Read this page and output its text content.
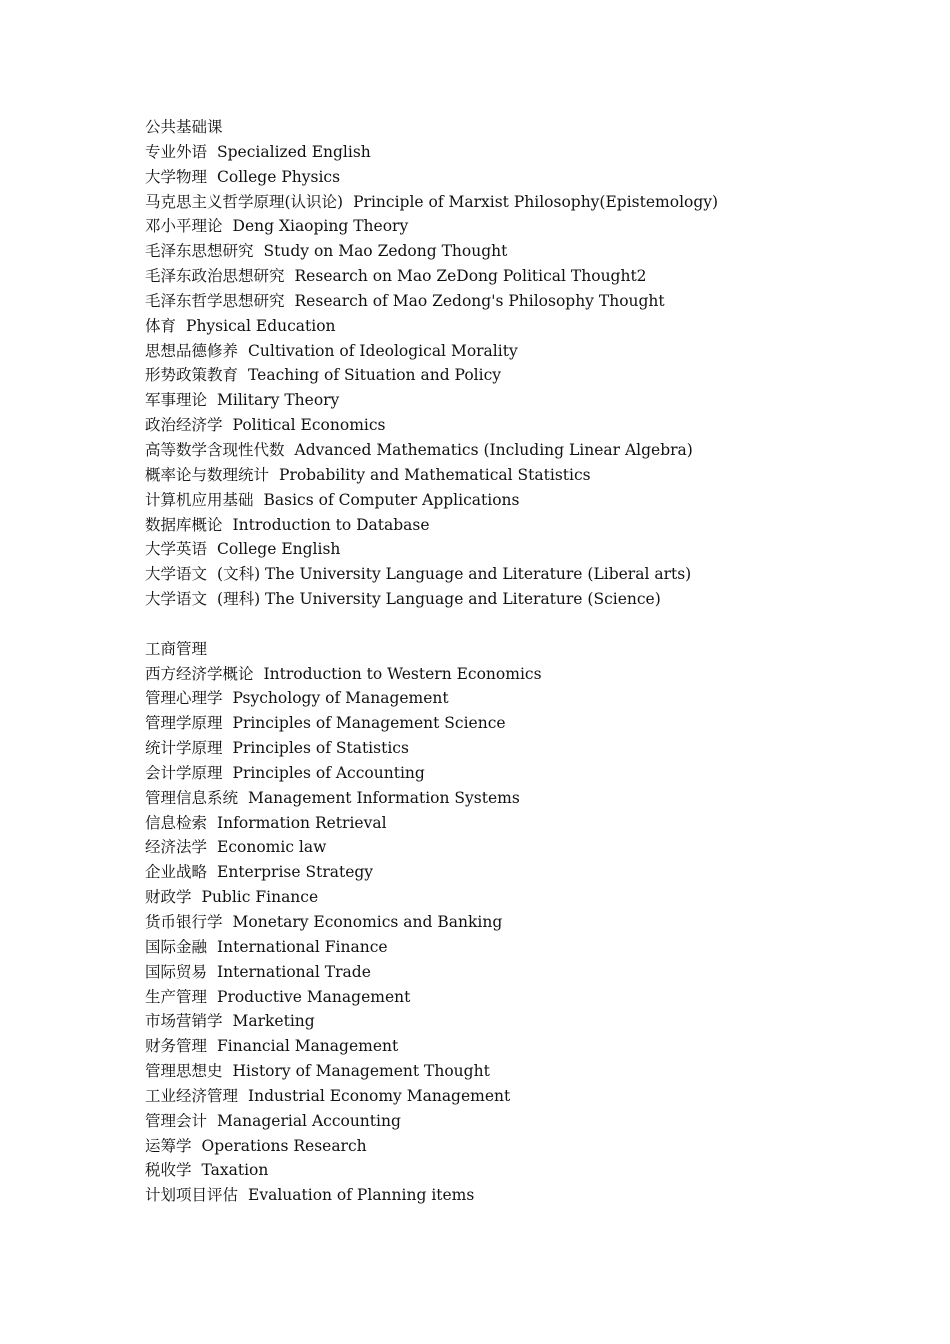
公共基础课
专业外语 Specialized English
大学物理 College Physics
马克思主义哲学原理(认识论) Principle of Marxist Philosophy(Epistemology)
邓小平理论 Deng Xiaoping Theory
毛泽东思想研究 Study on Mao Zedong Thought
毛泽东政治思想研究 Research on Mao ZeDong Political Thought2
毛泽东哲学思想研究 Research of Mao Zedong's Philosophy Thought
体育 Physical Education
思想品德修养 Cultivation of Ideological Morality
形势政策教育 Teaching of Situation and Policy
军事理论 Military Theory
政治经济学 Political Economics
高等数学含现性代数 Advanced Mathematics (Including Linear Algebra)
概率论与数理统计 Probability and Mathematical Statistics
计算机应用基础 Basics of Computer Applications
数据库概论 Introduction to Database
大学英语 College English
大学语文 (文科) The University Language and Literature (Liberal arts)
大学语文 (理科) The University Language and Literature (Science)
工商管理
西方经济学概论 Introduction to Western Economics
管理心理学 Psychology of Management
管理学原理 Principles of Management Science
统计学原理 Principles of Statistics
会计学原理 Principles of Accounting
管理信息系统 Management Information Systems
信息检索 Information Retrieval
经济法学 Economic law
企业战略 Enterprise Strategy
财政学 Public Finance
货币银行学 Monetary Economics and Banking
国际金融 International Finance
国际贸易 International Trade
生产管理 Productive Management
市场营销学 Marketing
财务管理 Financial Management
管理思想史 History of Management Thought
工业经济管理 Industrial Economy Management
管理会计 Managerial Accounting
运筹学 Operations Research
税收学 Taxation
计划项目评估 Evaluation of Planning items
